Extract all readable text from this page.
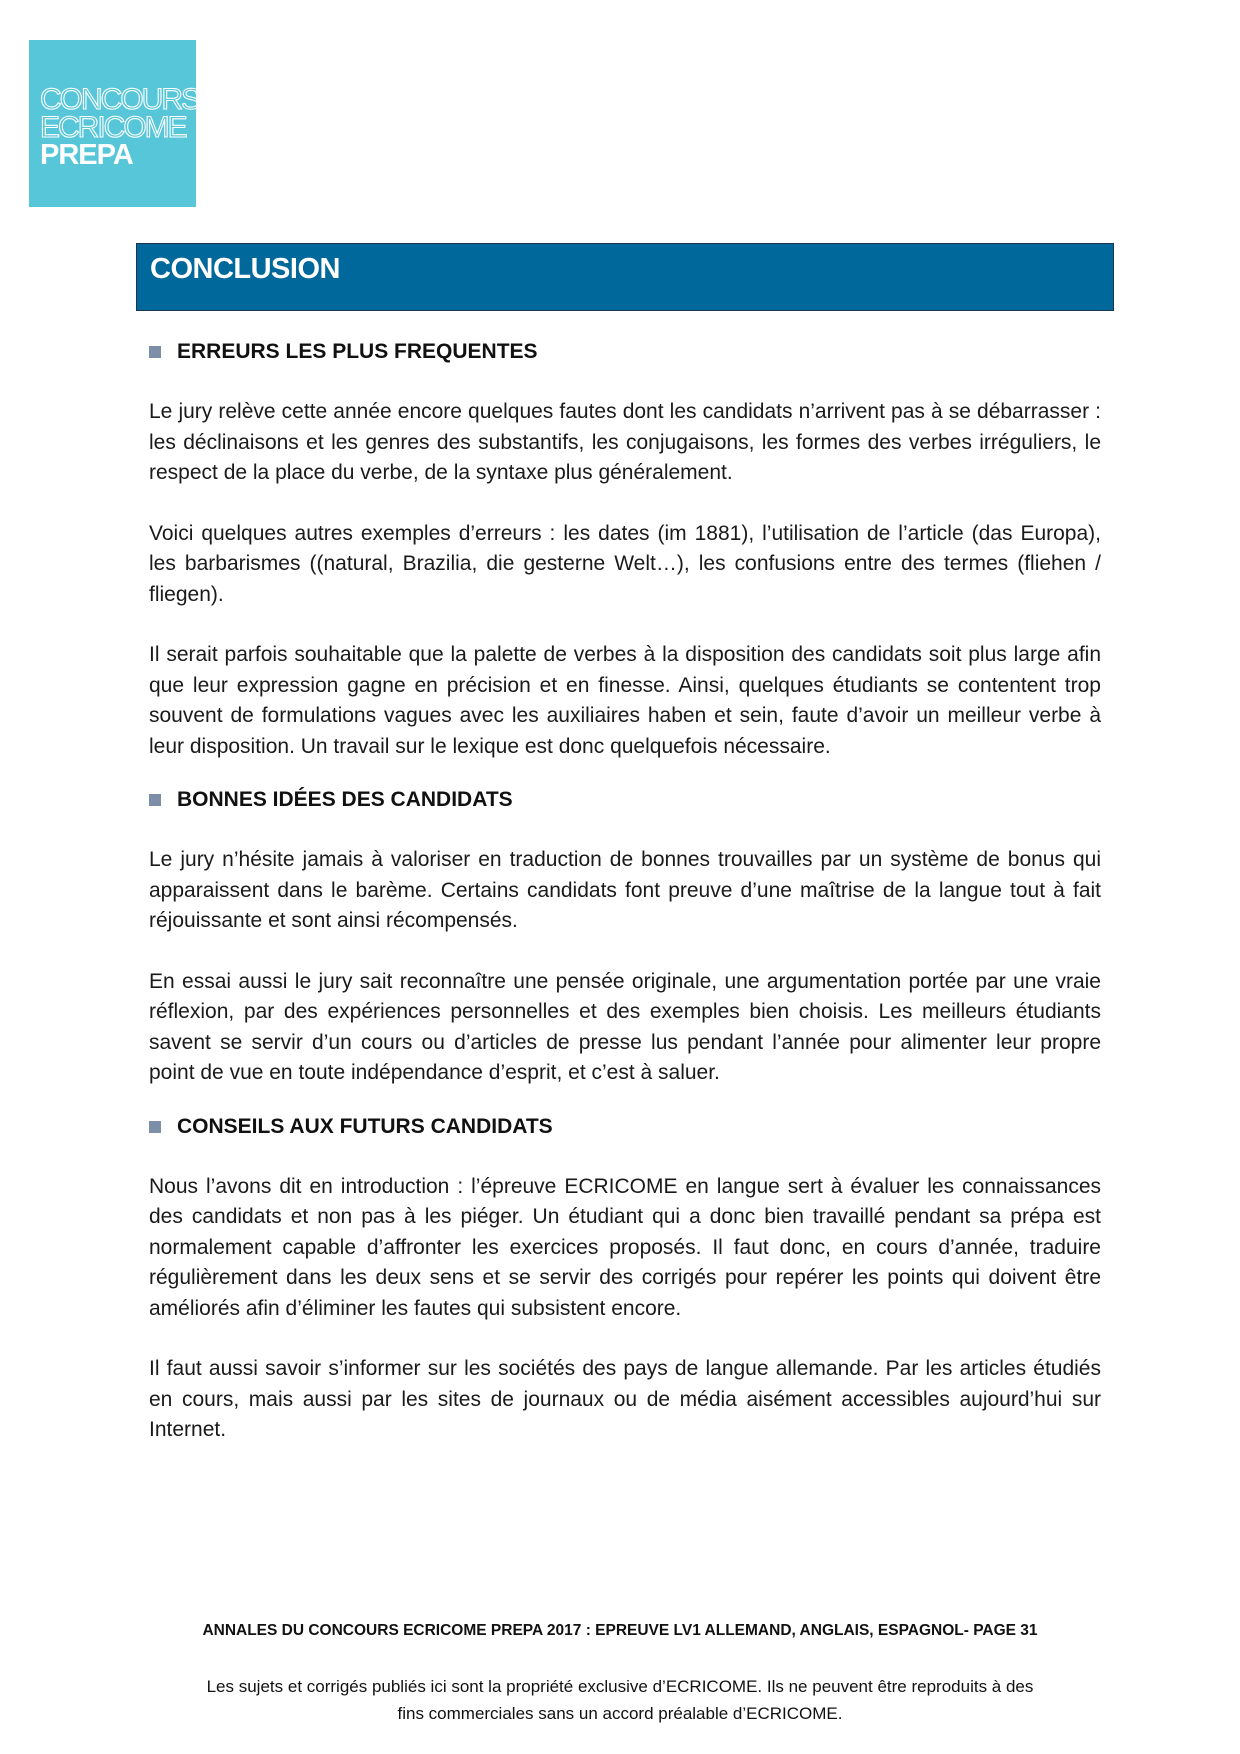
CONCOURS
ECRICOME
PREPA
CONCLUSION
ERREURS LES PLUS FREQUENTES

Le jury relève cette année encore quelques fautes dont les candidats n’arrivent pas à se débarrasser : les déclinaisons et les genres des substantifs, les conjugaisons, les formes des verbes irréguliers, le respect de la place du verbe, de la syntaxe plus généralement.

Voici quelques autres exemples d’erreurs : les dates (im 1881), l’utilisation de l’article (das Europa), les barbarismes ((natural, Brazilia, die gesterne Welt…), les confusions entre des termes (fliehen / fliegen).

Il serait parfois souhaitable que la palette de verbes à la disposition des candidats soit plus large afin que leur expression gagne en précision et en finesse. Ainsi, quelques étudiants se contentent trop souvent de formulations vagues avec les auxiliaires haben et sein, faute d’avoir un meilleur verbe à leur disposition. Un travail sur le lexique est donc quelquefois nécessaire.

BONNES IDÉES DES CANDIDATS

Le jury n’hésite jamais à valoriser en traduction de bonnes trouvailles par un système de bonus qui apparaissent dans le barème. Certains candidats font preuve d’une maîtrise de la langue tout à fait réjouissante et sont ainsi récompensés.

En essai aussi le jury sait reconnaître une pensée originale, une argumentation portée par une vraie réflexion, par des expériences personnelles et des exemples bien choisis. Les meilleurs étudiants savent se servir d’un cours ou d’articles de presse lus pendant l’année pour alimenter leur propre point de vue en toute indépendance d’esprit, et c’est à saluer.

CONSEILS AUX FUTURS CANDIDATS

Nous l’avons dit en introduction : l’épreuve ECRICOME en langue sert à évaluer les connaissances des candidats et non pas à les piéger. Un étudiant qui a donc bien travaillé pendant sa prépa est normalement capable d’affronter les exercices proposés. Il faut donc, en cours d’année, traduire régulièrement dans les deux sens et se servir des corrigés pour repérer les points qui doivent être améliorés afin d’éliminer les fautes qui subsistent encore.

Il faut aussi savoir s’informer sur les sociétés des pays de langue allemande. Par les articles étudiés en cours, mais aussi par les sites de journaux ou de média aisément accessibles aujourd’hui sur Internet.

ANNALES DU CONCOURS ECRICOME PREPA 2017 : EPREUVE LV1 ALLEMAND, ANGLAIS, ESPAGNOL- PAGE 31
Les sujets et corrigés publiés ici sont la propriété exclusive d’ECRICOME. Ils ne peuvent être reproduits à des
fins commerciales sans un accord préalable d’ECRICOME.
